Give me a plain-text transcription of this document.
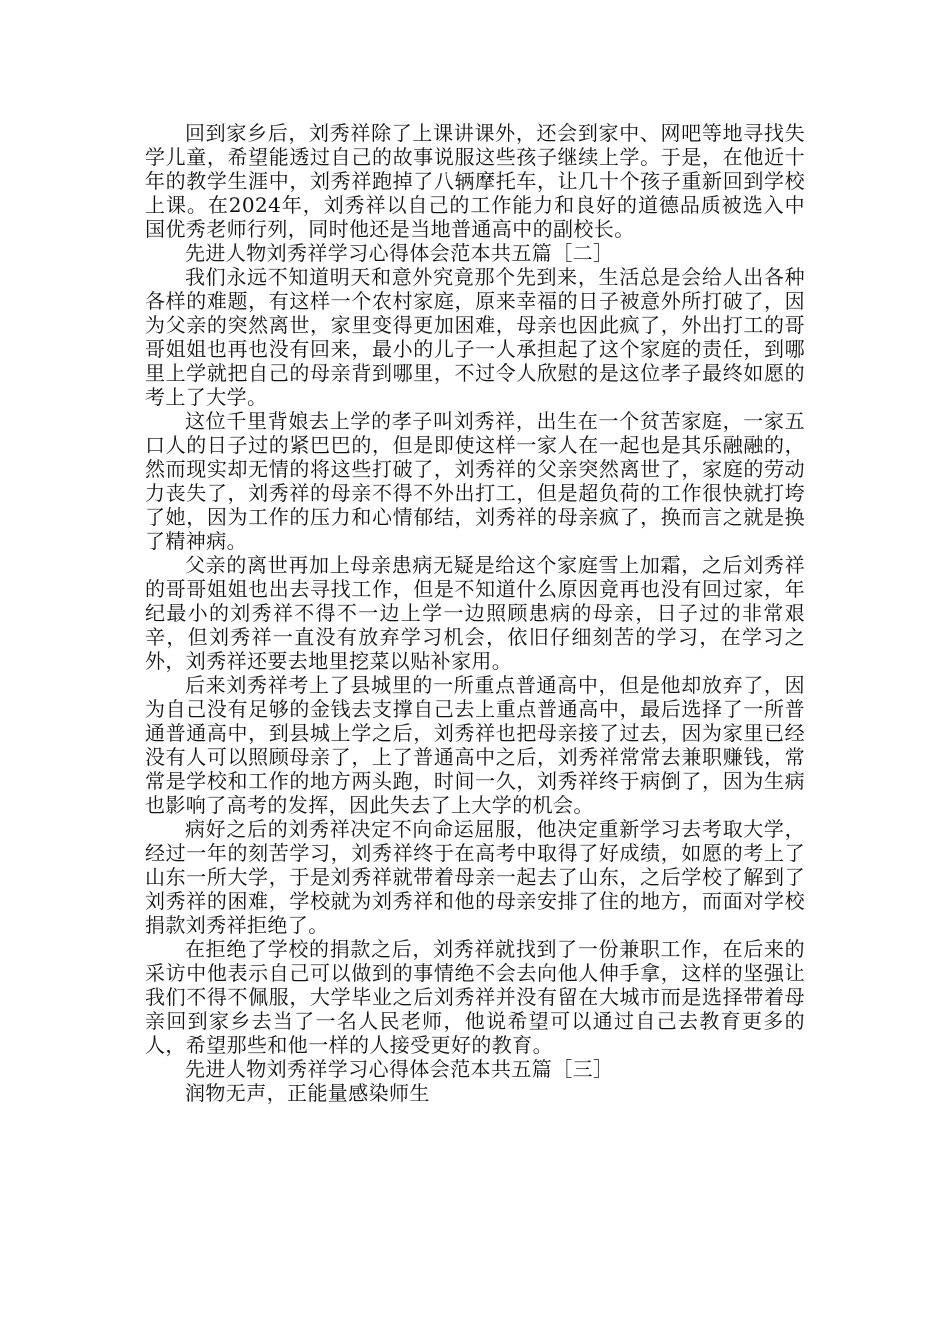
回到家乡后，刘秀祥除了上课讲课外，还会到家中、网吧等地寻找失学儿童，希望能透过自己的故事说服这些孩子继续上学。于是，在他近十年的教学生涯中，刘秀祥跑掉了八辆摩托车，让几十个孩子重新回到学校上课。在2024年，刘秀祥以自己的工作能力和良好的道德品质被选入中国优秀老师行列，同时他还是当地普通高中的副校长。

先进人物刘秀祥学习心得体会范本共五篇［二］

我们永远不知道明天和意外究竟那个先到来，生活总是会给人出各种各样的难题，有这样一个农村家庭，原来幸福的日子被意外所打破了，因为父亲的突然离世，家里变得更加困难，母亲也因此疯了，外出打工的哥哥姐姐也再也没有回来，最小的儿子一人承担起了这个家庭的责任，到哪里上学就把自己的母亲背到哪里，不过令人欣慰的是这位孝子最终如愿的考上了大学。

这位千里背娘去上学的孝子叫刘秀祥，出生在一个贫苦家庭，一家五口人的日子过的紧巴巴的，但是即使这样一家人在一起也是其乐融融的，然而现实却无情的将这些打破了，刘秀祥的父亲突然离世了，家庭的劳动力丧失了，刘秀祥的母亲不得不外出打工，但是超负荷的工作很快就打垮了她，因为工作的压力和心情郁结，刘秀祥的母亲疯了，换而言之就是换了精神病。

父亲的离世再加上母亲患病无疑是给这个家庭雪上加霜，之后刘秀祥的哥哥姐姐也出去寻找工作，但是不知道什么原因竟再也没有回过家，年纪最小的刘秀祥不得不一边上学一边照顾患病的母亲，日子过的非常艰辛，但刘秀祥一直没有放弃学习机会，依旧仔细刻苦的学习，在学习之外，刘秀祥还要去地里挖菜以贴补家用。

后来刘秀祥考上了县城里的一所重点普通高中，但是他却放弃了，因为自己没有足够的金钱去支撑自己去上重点普通高中，最后选择了一所普通普通高中，到县城上学之后，刘秀祥也把母亲接了过去，因为家里已经没有人可以照顾母亲了，上了普通高中之后，刘秀祥常常去兼职赚钱，常常是学校和工作的地方两头跑，时间一久，刘秀祥终于病倒了，因为生病也影响了高考的发挥，因此失去了上大学的机会。

病好之后的刘秀祥决定不向命运屈服，他决定重新学习去考取大学，经过一年的刻苦学习，刘秀祥终于在高考中取得了好成绩，如愿的考上了山东一所大学，于是刘秀祥就带着母亲一起去了山东，之后学校了解到了刘秀祥的困难，学校就为刘秀祥和他的母亲安排了住的地方，而面对学校捐款刘秀祥拒绝了。

在拒绝了学校的捐款之后，刘秀祥就找到了一份兼职工作，在后来的采访中他表示自己可以做到的事情绝不会去向他人伸手拿，这样的坚强让我们不得不佩服，大学毕业之后刘秀祥并没有留在大城市而是选择带着母亲回到家乡去当了一名人民老师，他说希望可以通过自己去教育更多的人，希望那些和他一样的人接受更好的教育。

先进人物刘秀祥学习心得体会范本共五篇［三］

润物无声，正能量感染师生
